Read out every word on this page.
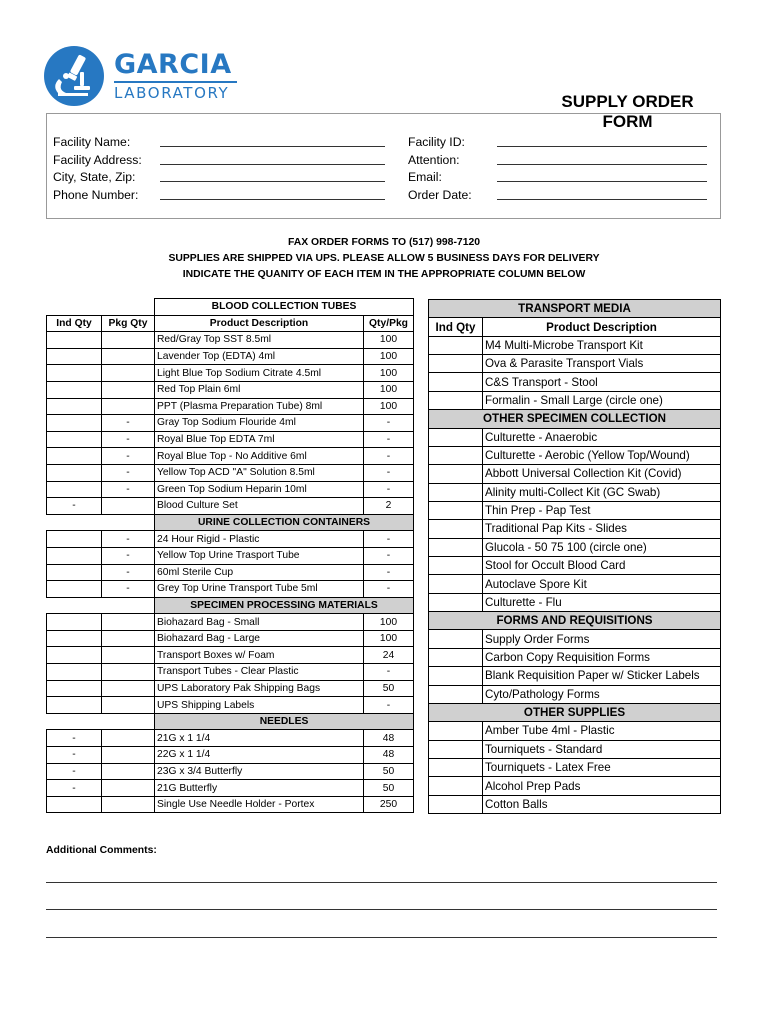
GARCIA
LABORATORY	SUPPLY ORDER FORM
Facility Name:
Facility Address:
City, State, Zip:
Phone Number:
Facility ID:
Attention:
Email:
Order Date:
FAX ORDER FORMS TO (517) 998-7120
SUPPLIES ARE SHIPPED VIA UPS. PLEASE ALLOW 5 BUSINESS DAYS FOR DELIVERY
INDICATE THE QUANITY OF EACH ITEM IN THE APPROPRIATE COLUMN BELOW
		BLOOD COLLECTION TUBES	
Ind Qty	Pkg Qty	Product Description	Qty/Pkg
		Red/Gray Top SST 8.5ml	100
		Lavender Top (EDTA) 4ml	100
		Light Blue Top Sodium Citrate 4.5ml	100
		Red Top Plain 6ml	100
		PPT (Plasma Preparation Tube) 8ml	100
	-	Gray Top Sodium Flouride 4ml	-
	-	Royal Blue Top EDTA 7ml	-
	-	Royal Blue Top - No Additive 6ml	-
	-	Yellow Top ACD "A" Solution 8.5ml	-
	-	Green Top Sodium Heparin 10ml	-
-		Blood Culture Set	2
		URINE COLLECTION CONTAINERS	
	-	24 Hour Rigid - Plastic	-
	-	Yellow Top Urine Trasport Tube	-
	-	60ml Sterile Cup	-
	-	Grey Top Urine Transport Tube 5ml	-
		SPECIMEN PROCESSING MATERIALS	
		Biohazard Bag - Small	100
		Biohazard Bag - Large	100
		Transport Boxes w/ Foam	24
		Transport Tubes - Clear Plastic	-
		UPS Laboratory Pak Shipping Bags	50
		UPS Shipping Labels	-
		NEEDLES	
-		21G x 1 1/4	48
-		22G x 1 1/4	48
-		23G x 3/4 Butterfly	50
-		21G Butterfly	50
		Single Use Needle Holder - Portex	250
TRANSPORT MEDIA	
Ind Qty	Product Description
	M4 Multi-Microbe Transport Kit
	Ova & Parasite Transport Vials
	C&S Transport - Stool
	Formalin - Small Large (circle one)
OTHER SPECIMEN COLLECTION	
	Culturette - Anaerobic
	Culturette - Aerobic (Yellow Top/Wound)
	Abbott Universal Collection Kit (Covid)
	Alinity multi-Collect Kit (GC Swab)
	Thin Prep - Pap Test
	Traditional Pap Kits - Slides
	Glucola - 50 75 100 (circle one)
	Stool for Occult Blood Card
	Autoclave Spore Kit
	Culturette - Flu
FORMS AND REQUISITIONS	
	Supply Order Forms
	Carbon Copy Requisition Forms
	Blank Requisition Paper w/ Sticker Labels
	Cyto/Pathology Forms
OTHER SUPPLIES	
	Amber Tube 4ml - Plastic
	Tourniquets - Standard
	Tourniquets - Latex Free
	Alcohol Prep Pads
	Cotton Balls
Additional Comments:
